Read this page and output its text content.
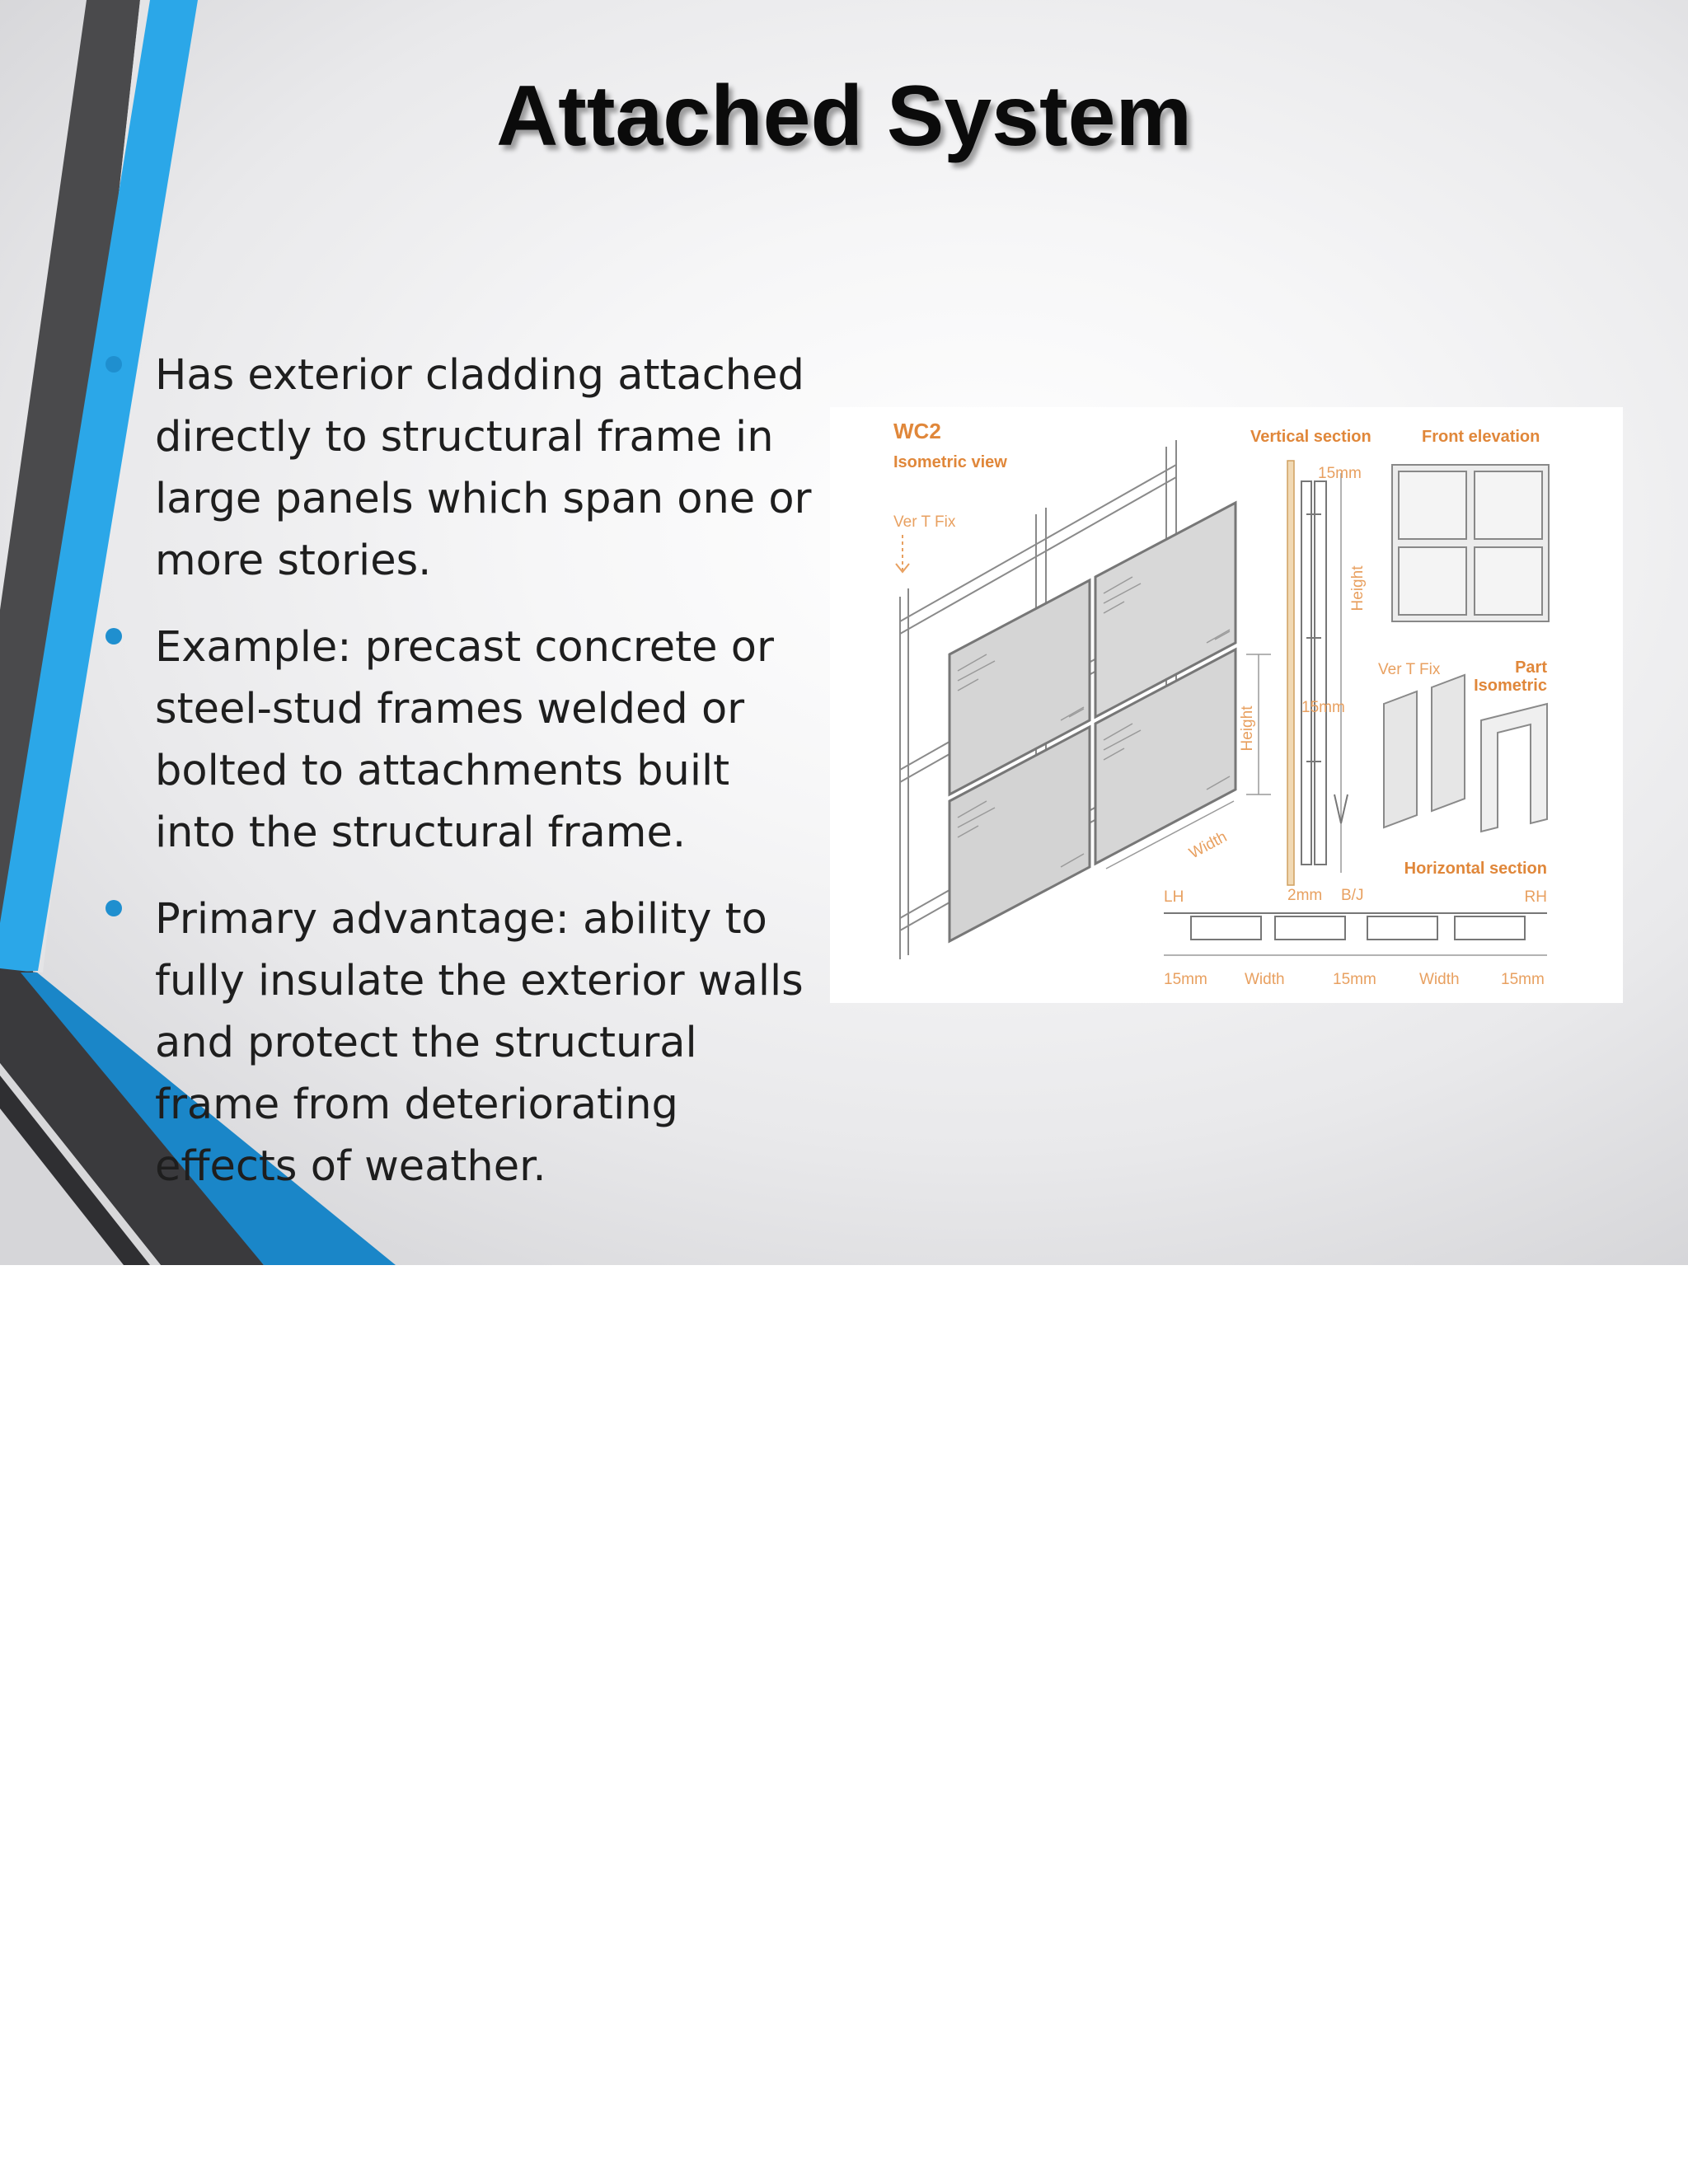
Attached System
Has exterior cladding attached directly to structural frame in large panels which span one or more stories.
Example: precast concrete or steel-stud frames welded or bolted to attachments built into the structural frame.
Primary advantage: ability to fully insulate the exterior walls and protect the structural frame from deteriorating effects of weather.
WC2
Isometric view
Ver T Fix
Vertical section	Front elevation
Ver T Fix	Part
Isometric
Horizontal section
Height
Width
15mm
Height
15mm
LH	RH
2mm B/J
15mm Width	15mm	Width	15mm
